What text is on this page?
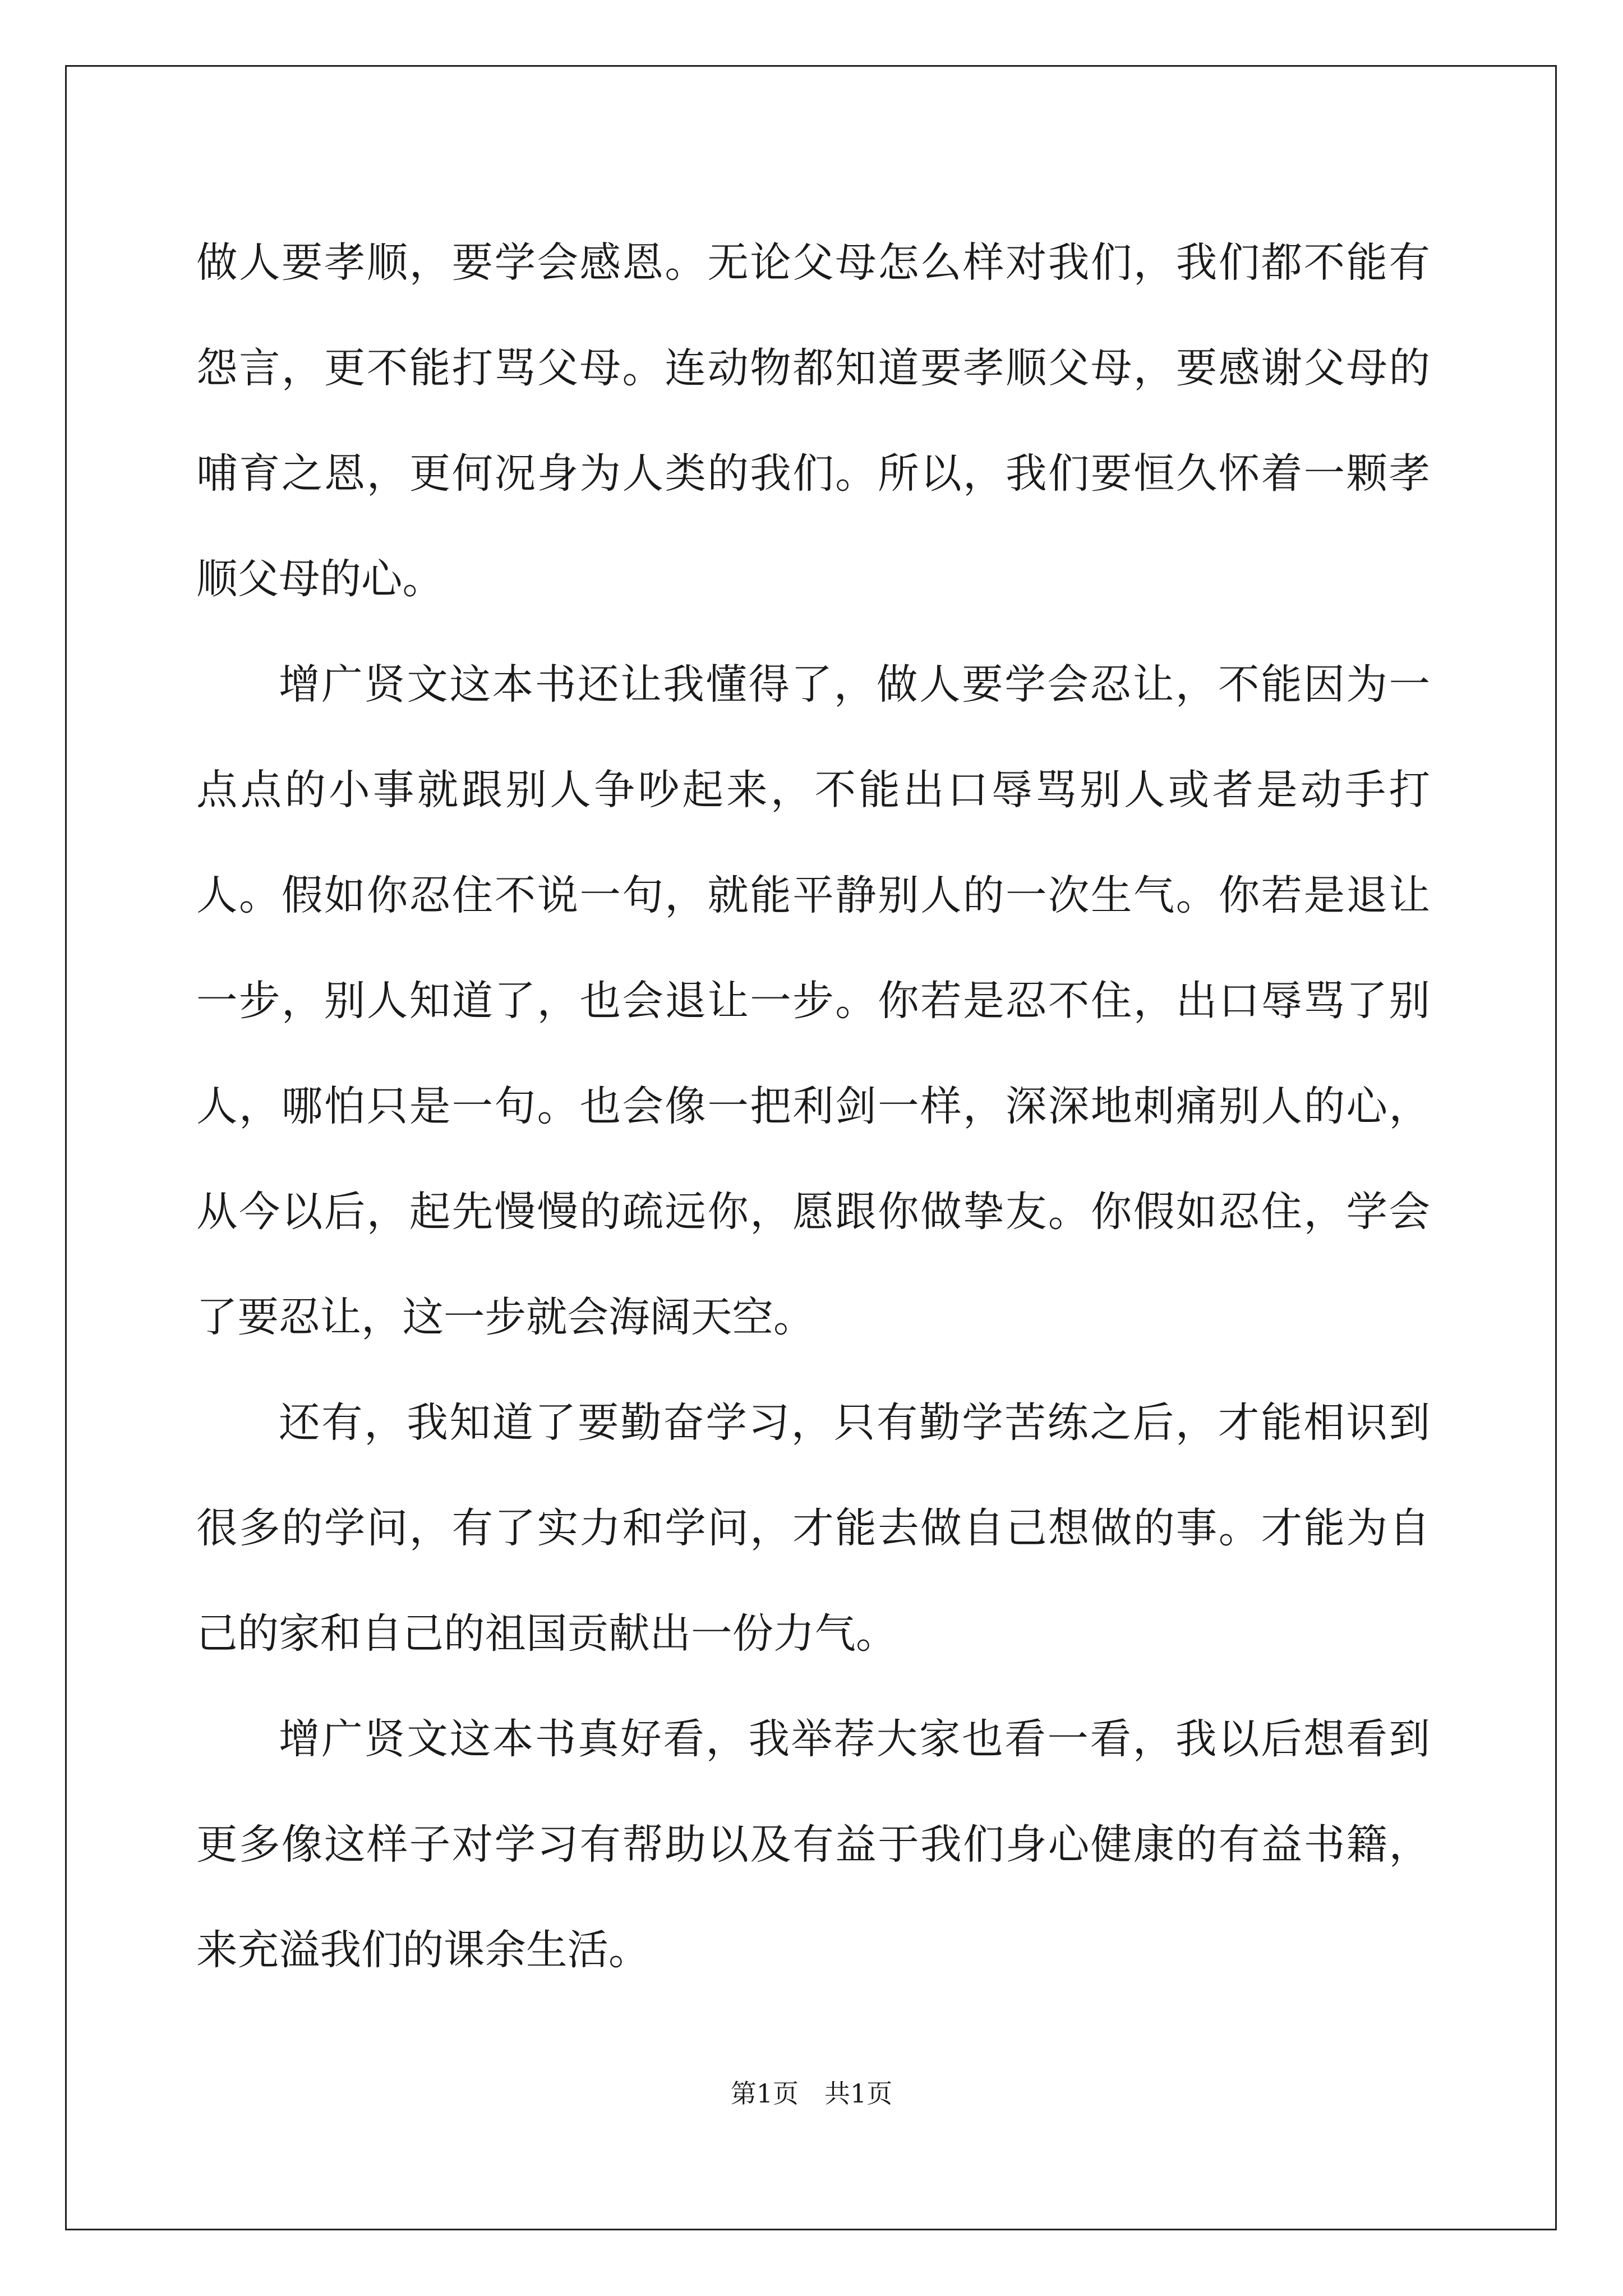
做人要孝顺，要学会感恩。无论父母怎么样对我们，我们都不能有怨言，更不能打骂父母。连动物都知道要孝顺父母，要感谢父母的哺育之恩，更何况身为人类的我们。所以，我们要恒久怀着一颗孝顺父母的心。

增广贤文这本书还让我懂得了，做人要学会忍让，不能因为一点点的小事就跟别人争吵起来，不能出口辱骂别人或者是动手打人。假如你忍住不说一句，就能平静别人的一次生气。你若是退让一步，别人知道了，也会退让一步。你若是忍不住，出口辱骂了别人，哪怕只是一句。也会像一把利剑一样，深深地刺痛别人的心，从今以后，起先慢慢的疏远你，愿跟你做挚友。你假如忍住，学会了要忍让，这一步就会海阔天空。

还有，我知道了要勤奋学习，只有勤学苦练之后，才能相识到很多的学问，有了实力和学问，才能去做自己想做的事。才能为自己的家和自己的祖国贡献出一份力气。

增广贤文这本书真好看，我举荐大家也看一看，我以后想看到更多像这样子对学习有帮助以及有益于我们身心健康的有益书籍，来充溢我们的课余生活。

第1页　共1页
